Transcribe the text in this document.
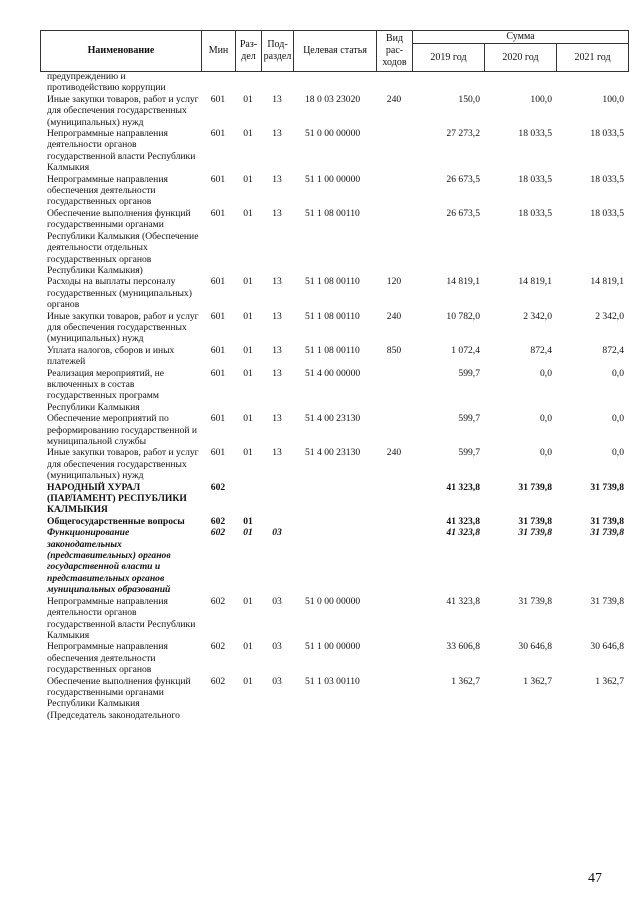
Наименование	Мин	Раз- дел	Под- раздел	Целевая статья	Вид рас- ходов	Сумма		
						2019 год	2020 год	2021 год
предупреждению и противодействию коррупции								
Иные закупки товаров, работ и услуг для обеспечения государственных (муниципальных) нужд	601	01	13	18 0 03 23020	240	150,0	100,0	100,0
Непрограммные направления деятельности органов государственной власти Республики Калмыкия	601	01	13	51 0 00 00000		27 273,2	18 033,5	18 033,5
Непрограммные направления обеспечения деятельности государственных органов	601	01	13	51 1 00 00000		26 673,5	18 033,5	18 033,5
Обеспечение выполнения функций государственными органами Республики Калмыкия (Обеспечение деятельности отдельных государственных органов Республики Калмыкия)	601	01	13	51 1 08 00110		26 673,5	18 033,5	18 033,5
Расходы на выплаты персоналу государственных (муниципальных) органов	601	01	13	51 1 08 00110	120	14 819,1	14 819,1	14 819,1
Иные закупки товаров, работ и услуг для обеспечения государственных (муниципальных) нужд	601	01	13	51 1 08 00110	240	10 782,0	2 342,0	2 342,0
Уплата налогов, сборов и иных платежей	601	01	13	51 1 08 00110	850	1 072,4	872,4	872,4
Реализация мероприятий, не включенных в состав государственных программ Республики Калмыкия	601	01	13	51 4 00 00000		599,7	0,0	0,0
Обеспечение мероприятий по реформированию государственной и муниципальной службы	601	01	13	51 4 00 23130		599,7	0,0	0,0
Иные закупки товаров, работ и услуг для обеспечения государственных (муниципальных) нужд	601	01	13	51 4 00 23130	240	599,7	0,0	0,0
НАРОДНЫЙ ХУРАЛ (ПАРЛАМЕНТ) РЕСПУБЛИКИ КАЛМЫКИЯ	602					41 323,8	31 739,8	31 739,8
Общегосударственные вопросы	602	01				41 323,8	31 739,8	31 739,8
Функционирование законодательных (представительных) органов государственной власти и представительных органов муниципальных образований	602	01	03			41 323,8	31 739,8	31 739,8
Непрограммные направления деятельности органов государственной власти Республики Калмыкия	602	01	03	51 0 00 00000		41 323,8	31 739,8	31 739,8
Непрограммные направления обеспечения деятельности государственных органов	602	01	03	51 1 00 00000		33 606,8	30 646,8	30 646,8
Обеспечение выполнения функций государственными органами Республики Калмыкия (Председатель законодательного	602	01	03	51 1 03 00110		1 362,7	1 362,7	1 362,7
47
